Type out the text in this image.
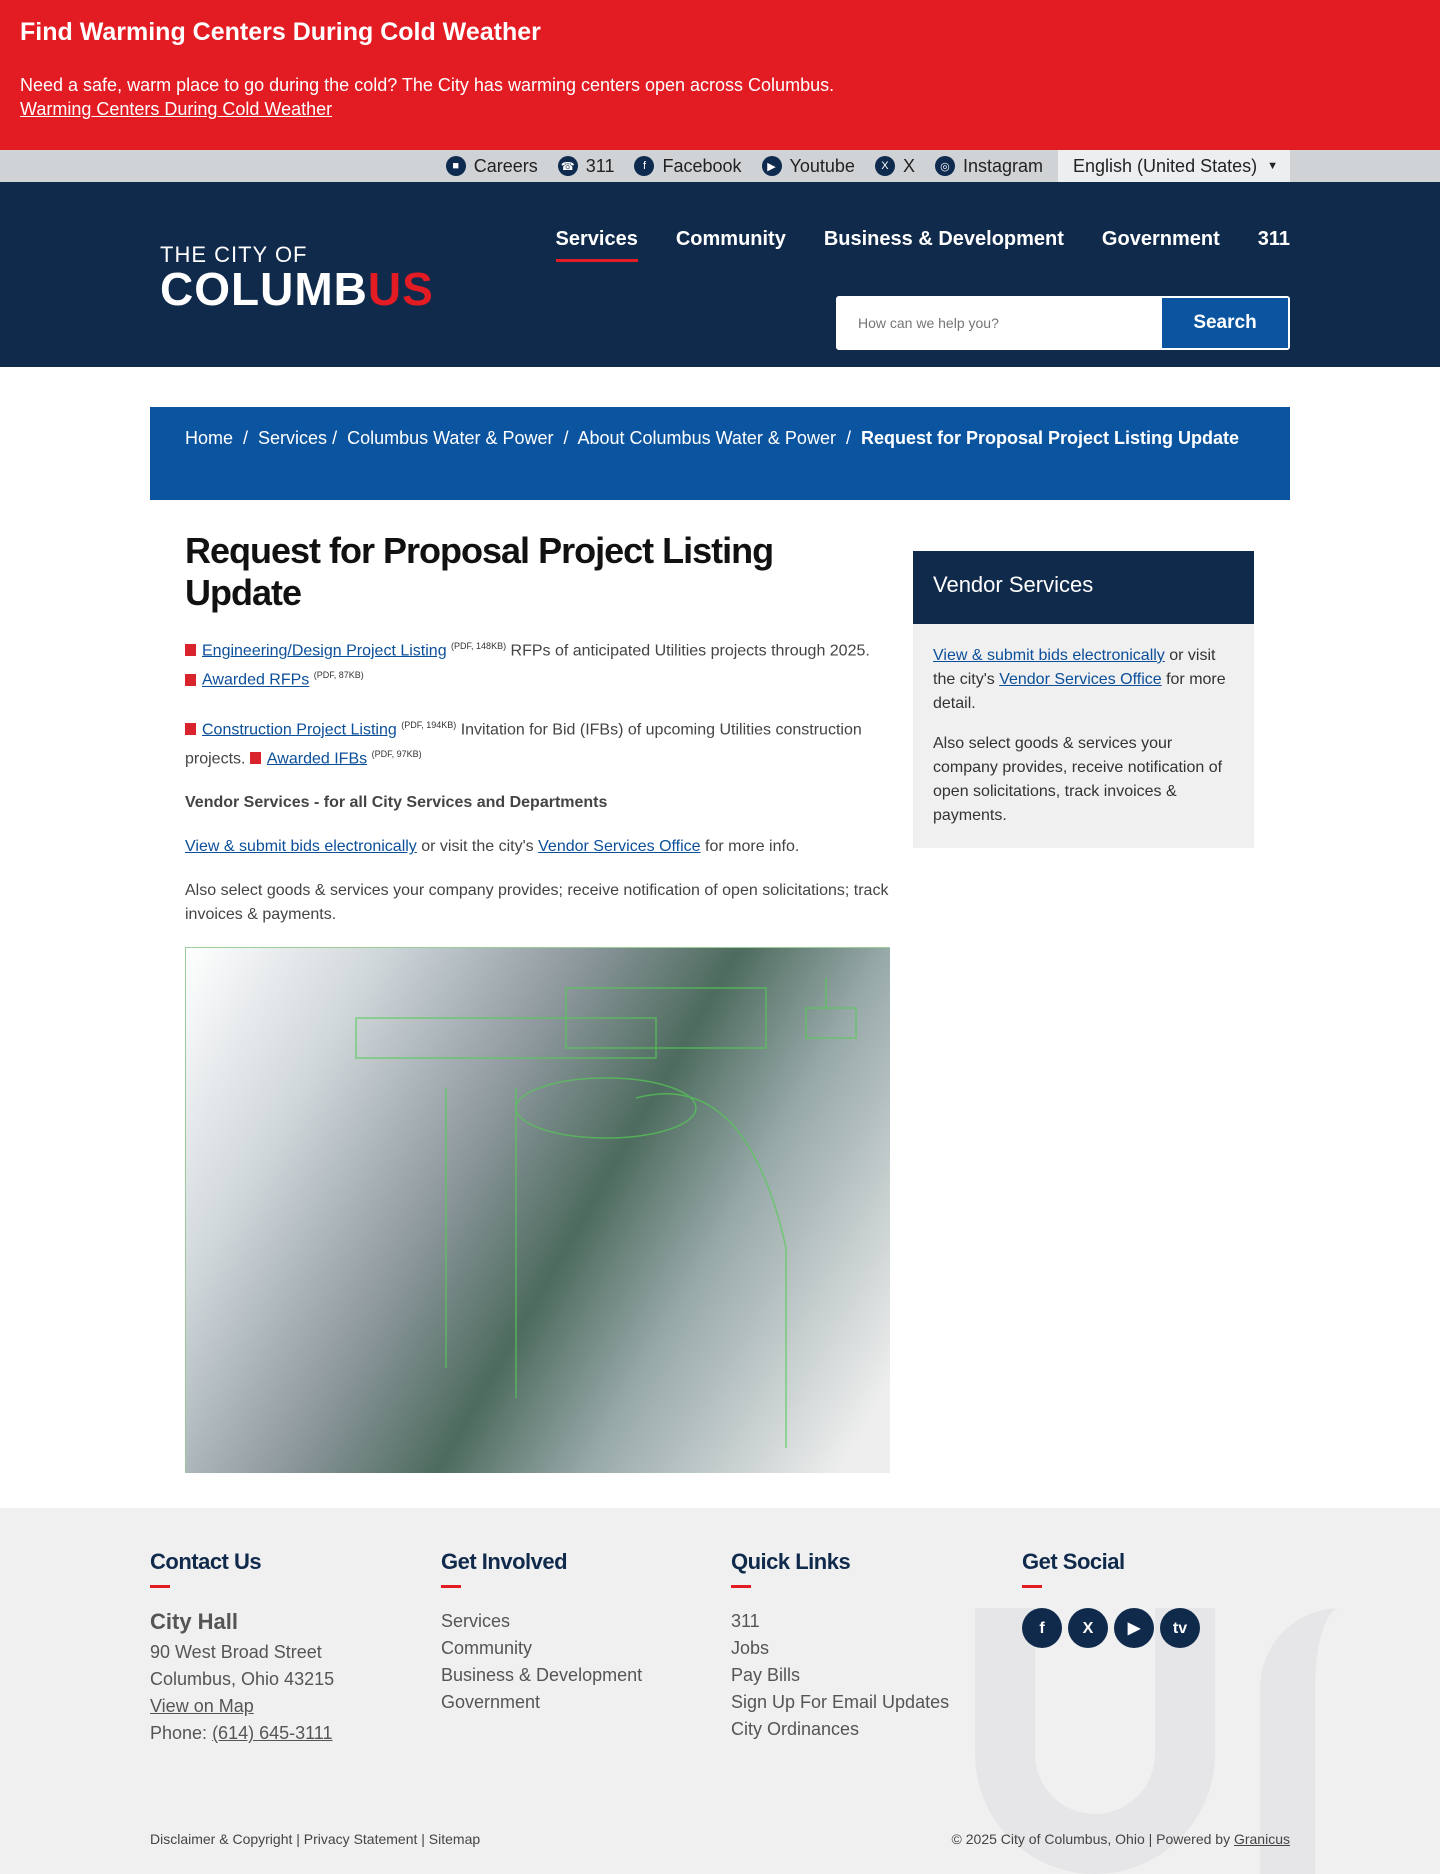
Find Warming Centers During Cold Weather

Need a safe, warm place to go during the cold? The City has warming centers open across Columbus.

Warming Centers During Cold Weather
■ Careers ☎ 311	f Facebook	▶ Youtube	X X	◎ Instagram English (United States) ▼
THE CITY OF
COLUMBUS
Services Community Business & Development Government 311
How can we help you?
Search
Home  /  Services /  Columbus Water & Power  /  About Columbus Water & Power  /  Request for Proposal Project Listing Update
Request for Proposal Project Listing Update

Engineering/Design Project Listing $^{(PDF, 148KB)}$ RFPs of anticipated Utilities projects through 2025.
Awarded RFPs $^{(PDF, 87KB)}$

Construction Project Listing $^{(PDF, 194KB)}$ Invitation for Bid (IFBs) of upcoming Utilities construction projects. Awarded IFBs $^{(PDF, 97KB)}$

Vendor Services - for all City Services and Departments

View & submit bids electronically or visit the city's Vendor Services Office for more info.

Also select goods & services your company provides; receive notification of open solicitations; track invoices & payments.

Vendor Services

View & submit bids electronically or visit the city's Vendor Services Office for more detail.

Also select goods & services your company provides, receive notification of open solicitations, track invoices & payments.

Contact Us
City Hall
90 West Broad Street
Columbus, Ohio 43215
View on Map
Phone: (614) 645-3111
Get Involved
Services
Community
Business & Development
Government
Quick Links
311
Jobs
Pay Bills
Sign Up For Email Updates
City Ordinances
Get Social
f X ▶ tv
Disclaimer & Copyright | Privacy Statement | Sitemap	© 2025 City of Columbus, Ohio | Powered by Granicus
